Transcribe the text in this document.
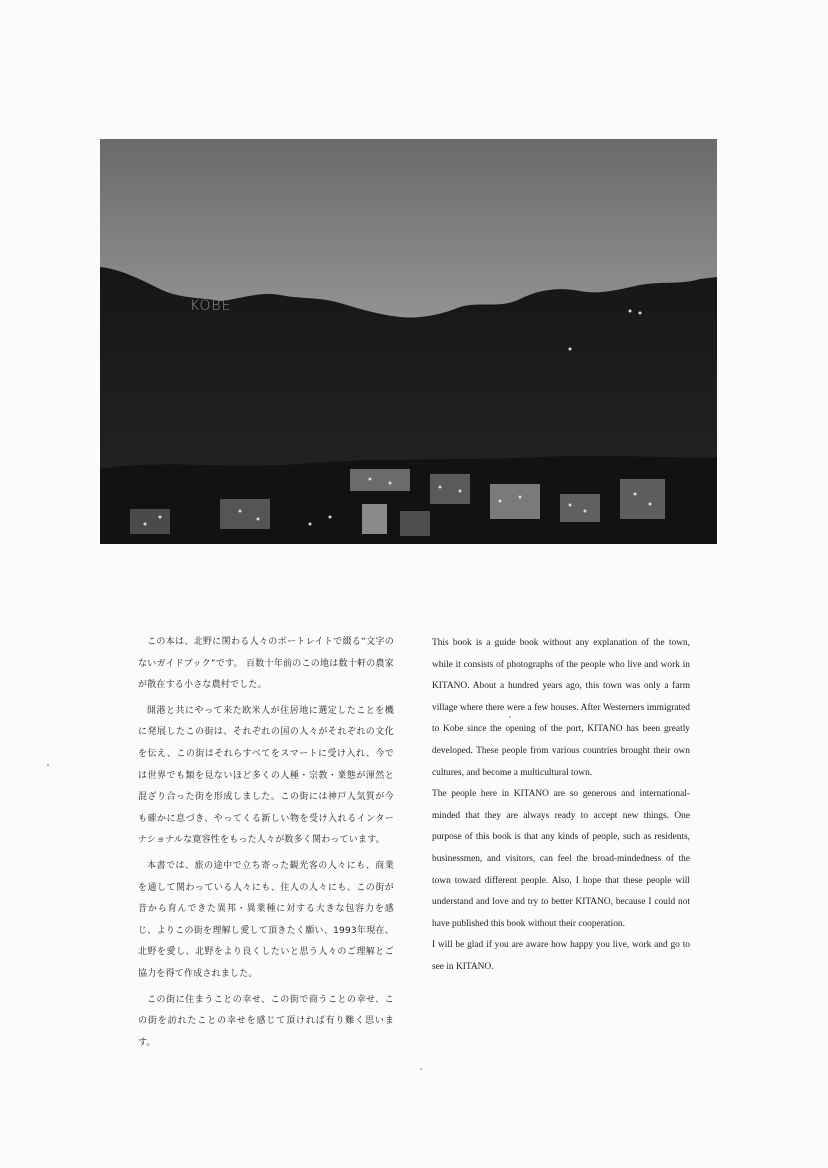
KOBE

この本は、北野に関わる人々のポートレイトで綴る“文字のないガイドブック”です。 百数十年前のこの地は数十軒の農家が散在する小さな農村でした。

開港と共にやって来た欧米人が住居地に選定したことを機に発展したこの街は、それぞれの国の人々がそれぞれの文化を伝え、この街はそれらすべてをスマートに受け入れ、今では世界でも類を見ないほど多くの人種・宗教・業態が渾然と混ざり合った街を形成しました。この街には神戸人気質が今も確かに息づき、やってくる新しい物を受け入れるインターナショナルな寛容性をもった人々が数多く関わっています。

本書では、旅の途中で立ち寄った観光客の人々にも、商業を通して関わっている人々にも、住人の人々にも、この街が昔から育んできた異邦・異業種に対する大きな包容力を感じ、よりこの街を理解し愛して頂きたく願い、1993年現在、北野を愛し、北野をより良くしたいと思う人々のご理解とご協力を得て作成されました。

この街に住まうことの幸せ、この街で商うことの幸せ、この街を訪れたことの幸せを感じて頂ければ有り難く思います。

This book is a guide book without any explanation of the town, while it consists of photographs of the people who live and work in KITANO. About a hundred years ago, this town was only a farm village where there were a few houses. After Westerners immigrated to Kobe since the opening of the port, KITANO has been greatly developed. These people from various countries brought their own cultures, and become a multicultural town.

The people here in KITANO are so generous and international-minded that they are always ready to accept new things. One purpose of this book is that any kinds of people, such as residents, businessmen, and visitors, can feel the broad-mindedness of the town toward different people. Also, I hope that these people will understand and love and try to better KITANO, because I could not have published this book without their cooperation.

I will be glad if you are aware how happy you live, work and go to see in KITANO.
